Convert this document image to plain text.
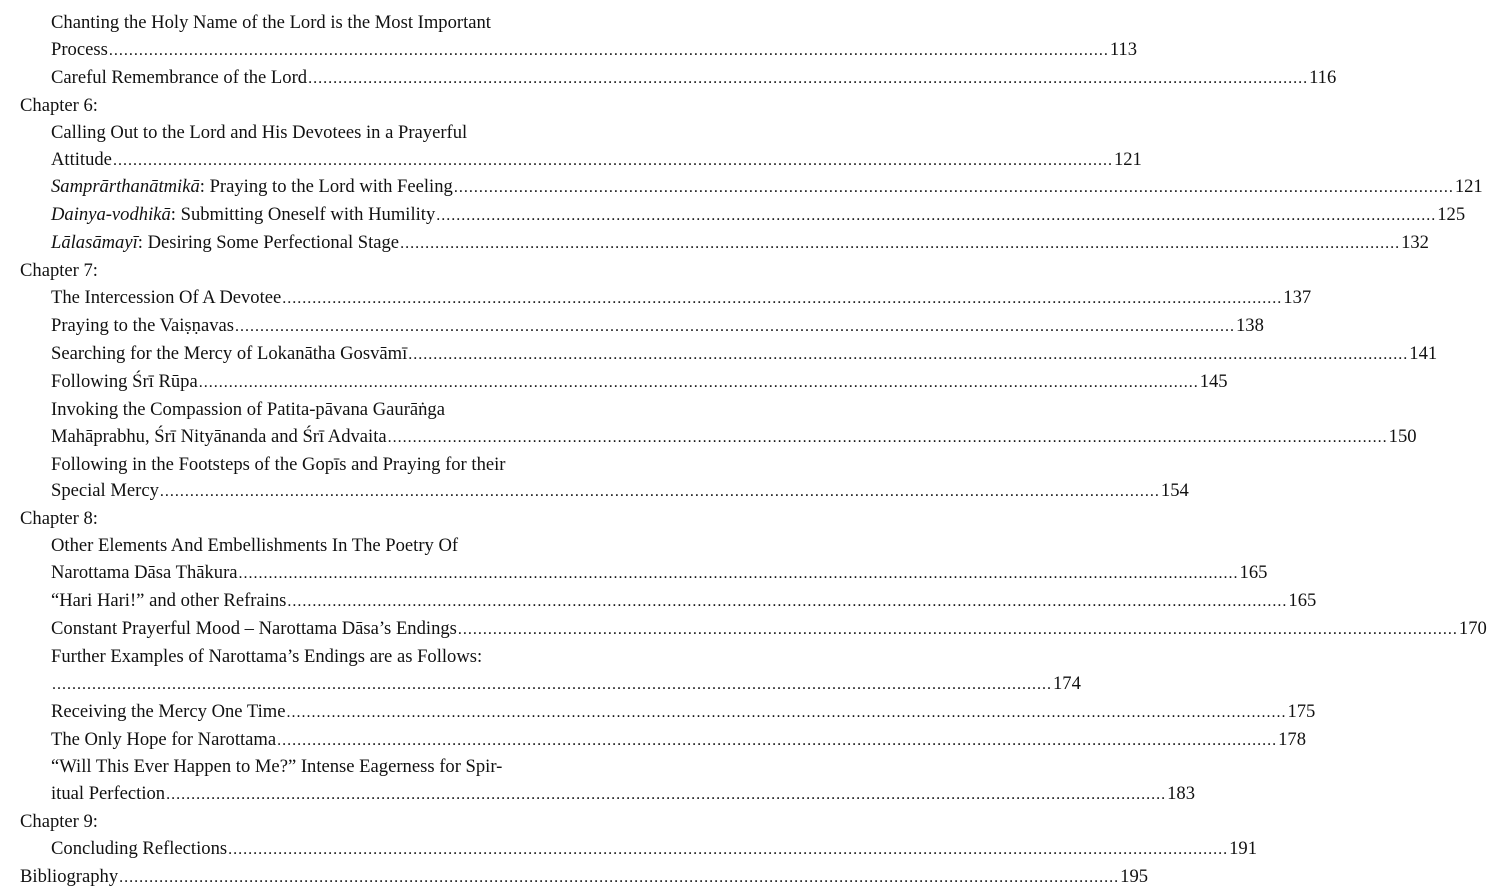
Chanting the Holy Name of the Lord is the Most Important
Process ........................................................................................................................................................................................................ 113
Careful Remembrance of the Lord ........................................................................................................................................................................................................ 116
Chapter 6:
Calling Out to the Lord and His Devotees in a Prayerful
Attitude ........................................................................................................................................................................................................ 121
Samprārthanātmikā: Praying to the Lord with Feeling ........................................................................................................................................................................................................ 121
Dainya-vodhikā: Submitting Oneself with Humility ........................................................................................................................................................................................................ 125
Lālasāmayī: Desiring Some Perfectional Stage ........................................................................................................................................................................................................ 132
Chapter 7:
The Intercession Of A Devotee ........................................................................................................................................................................................................ 137
Praying to the Vaiṣṇavas ........................................................................................................................................................................................................ 138
Searching for the Mercy of Lokanātha Gosvāmī ........................................................................................................................................................................................................ 141
Following Śrī Rūpa ........................................................................................................................................................................................................ 145
Invoking the Compassion of Patita-pāvana Gaurāṅga
Mahāprabhu, Śrī Nityānanda and Śrī Advaita ........................................................................................................................................................................................................ 150
Following in the Footsteps of the Gopīs and Praying for their
Special Mercy ........................................................................................................................................................................................................ 154
Chapter 8:
Other Elements And Embellishments In The Poetry Of
Narottama Dāsa Thākura ........................................................................................................................................................................................................ 165
“Hari Hari!” and other Refrains ........................................................................................................................................................................................................ 165
Constant Prayerful Mood – Narottama Dāsa’s Endings ........................................................................................................................................................................................................ 170
Further Examples of Narottama’s Endings are as Follows:
........................................................................................................................................................................................................ 174
Receiving the Mercy One Time ........................................................................................................................................................................................................ 175
The Only Hope for Narottama ........................................................................................................................................................................................................ 178
“Will This Ever Happen to Me?” Intense Eagerness for Spir-
itual Perfection ........................................................................................................................................................................................................ 183
Chapter 9:
Concluding Reflections ........................................................................................................................................................................................................ 191
Bibliography ........................................................................................................................................................................................................ 195
